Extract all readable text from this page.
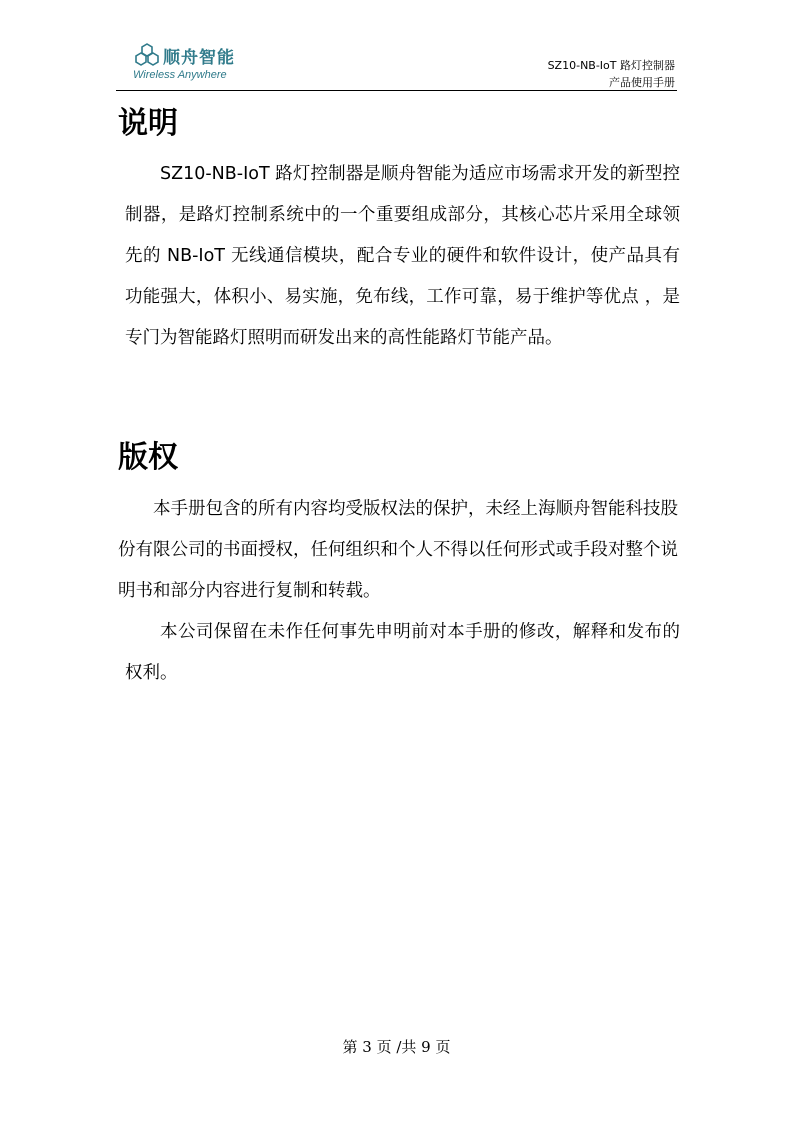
顺舟智能
Wireless Anywhere
SZ10-NB-IoT 路灯控制器
产品使用手册
说明

SZ10-NB-IoT 路灯控制器是顺舟智能为适应市场需求开发的新型控制器，是路灯控制系统中的一个重要组成部分，其核心芯片采用全球领先的 NB-IoT 无线通信模块，配合专业的硬件和软件设计，使产品具有功能强大，体积小、易实施，免布线，工作可靠，易于维护等优点 ，是专门为智能路灯照明而研发出来的高性能路灯节能产品。

版权

本手册包含的所有内容均受版权法的保护，未经上海顺舟智能科技股份有限公司的书面授权，任何组织和个人不得以任何形式或手段对整个说明书和部分内容进行复制和转载。

本公司保留在未作任何事先申明前对本手册的修改，解释和发布的权利。

第 3 页 /共 9 页
